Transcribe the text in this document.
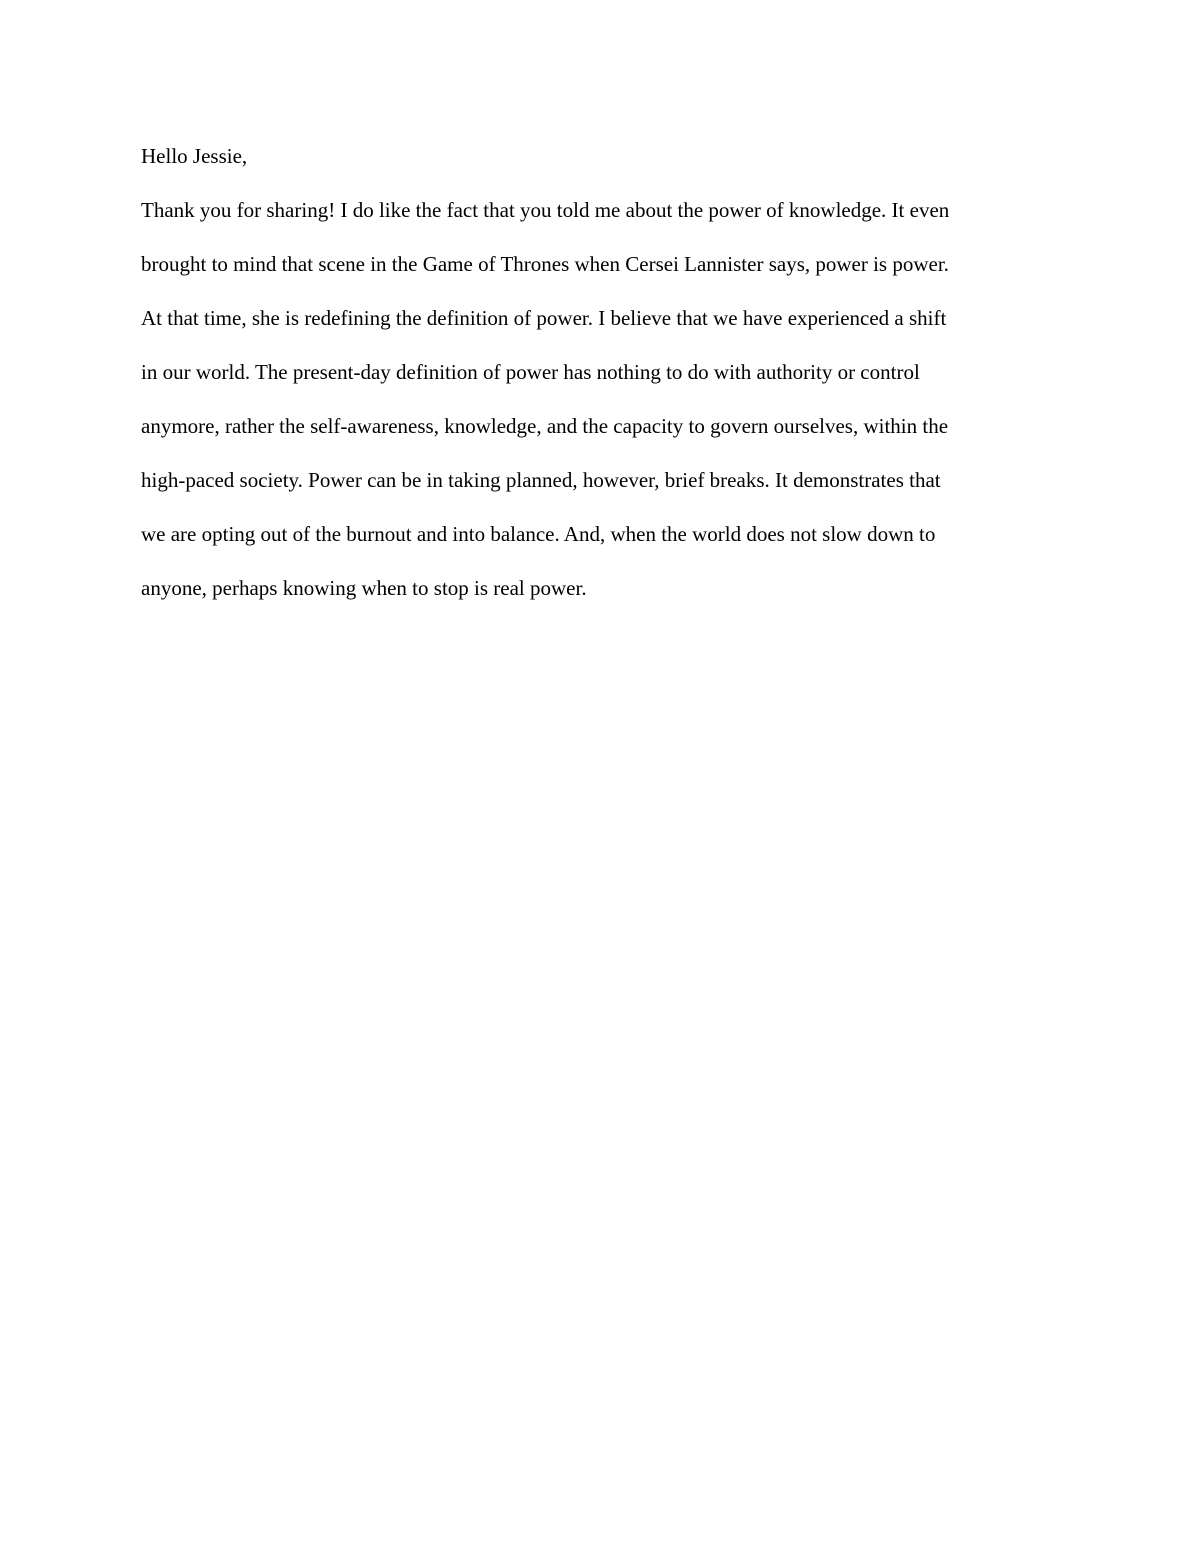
Hello Jessie,
Thank you for sharing! I do like the fact that you told me about the power of knowledge. It even
brought to mind that scene in the Game of Thrones when Cersei Lannister says, power is power.
At that time, she is redefining the definition of power. I believe that we have experienced a shift
in our world. The present-day definition of power has nothing to do with authority or control
anymore, rather the self-awareness, knowledge, and the capacity to govern ourselves, within the
high-paced society. Power can be in taking planned, however, brief breaks. It demonstrates that
we are opting out of the burnout and into balance. And, when the world does not slow down to
anyone, perhaps knowing when to stop is real power.
